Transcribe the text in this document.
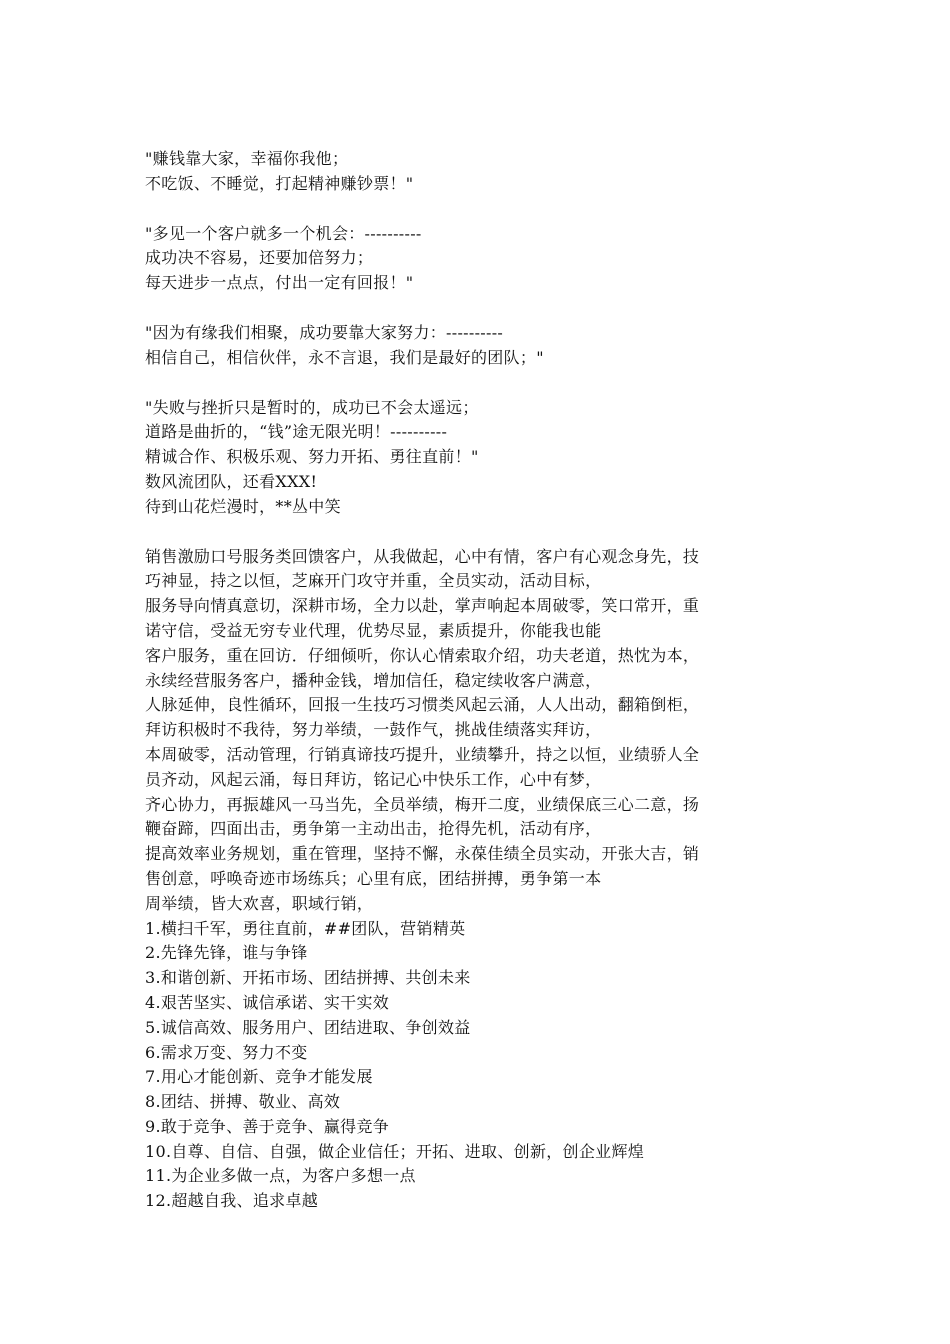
"赚钱靠大家，幸福你我他；
不吃饭、不睡觉，打起精神赚钞票！"
"多见一个客户就多一个机会：----------
成功决不容易，还要加倍努力；
每天进步一点点，付出一定有回报！"
"因为有缘我们相聚，成功要靠大家努力：----------
相信自己，相信伙伴，永不言退，我们是最好的团队；"
"失败与挫折只是暂时的，成功已不会太遥远；
道路是曲折的，“钱”途无限光明！----------
精诚合作、积极乐观、努力开拓、勇往直前！"
数风流团队，还看XXX!
待到山花烂漫时，**丛中笑
销售激励口号服务类回馈客户，从我做起，心中有情，客户有心观念身先，技
巧神显，持之以恒，芝麻开门攻守并重，全员实动，活动目标，
服务导向情真意切，深耕市场，全力以赴，掌声响起本周破零，笑口常开，重
诺守信，受益无穷专业代理，优势尽显，素质提升，你能我也能
客户服务，重在回访．仔细倾听，你认心情索取介绍，功夫老道，热忱为本，
永续经营服务客户，播种金钱，增加信任，稳定续收客户满意，
人脉延伸，良性循环，回报一生技巧习惯类风起云涌，人人出动，翻箱倒柜，
拜访积极时不我待，努力举绩，一鼓作气，挑战佳绩落实拜访，
本周破零，活动管理，行销真谛技巧提升，业绩攀升，持之以恒，业绩骄人全
员齐动，风起云涌，每日拜访，铭记心中快乐工作，心中有梦，
齐心协力，再振雄风一马当先，全员举绩，梅开二度，业绩保底三心二意，扬
鞭奋蹄，四面出击，勇争第一主动出击，抢得先机，活动有序，
提高效率业务规划，重在管理，坚持不懈，永葆佳绩全员实动，开张大吉，销
售创意，呼唤奇迹市场练兵；心里有底，团结拼搏，勇争第一本
周举绩，皆大欢喜，职域行销，
1.横扫千军，勇往直前，##团队，营销精英
2.先锋先锋，谁与争锋
3.和谐创新、开拓市场、团结拼搏、共创未来
4.艰苦坚实、诚信承诺、实干实效
5.诚信高效、服务用户、团结进取、争创效益
6.需求万变、努力不变
7.用心才能创新、竞争才能发展
8.团结、拼搏、敬业、高效
9.敢于竞争、善于竞争、赢得竞争
10.自尊、自信、自强，做企业信任；开拓、进取、创新，创企业辉煌
11.为企业多做一点，为客户多想一点
12.超越自我、追求卓越
